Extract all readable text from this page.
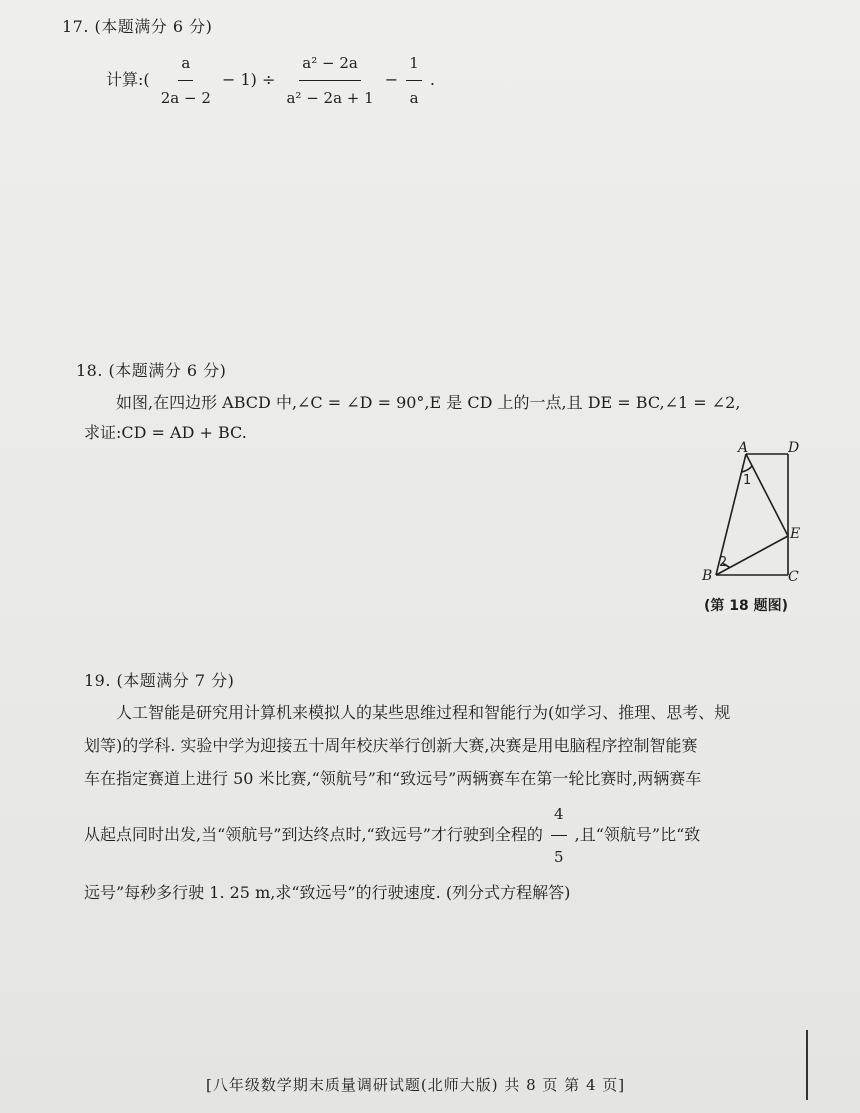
17. (本题满分 6 分)
计算:( $\frac{a}{2a - 2} - 1) \div \frac{\text{a² − 2a}}{\text{a² − 2a + 1}} - \frac{1}{a}$ .
18. (本题满分 6 分)
如图,在四边形 ABCD 中,∠C = ∠D = 90°,E 是 CD 上的一点,且 DE = BC,∠1 = ∠2,
求证:CD = AD + BC.
A	D
E
B	C
1
2
(第 18 题图)
19. (本题满分 7 分)
人工智能是研究用计算机来模拟人的某些思维过程和智能行为(如学习、推理、思考、规
划等)的学科. 实验中学为迎接五十周年校庆举行创新大赛,决赛是用电脑程序控制智能赛
车在指定赛道上进行 50 米比赛,“领航号”和“致远号”两辆赛车在第一轮比赛时,两辆赛车
从起点同时出发,当“领航号”到达终点时,“致远号”才行驶到全程的 $\frac{4}{5}$ ,且“领航号”比“致
远号”每秒多行驶 1. 25 m,求“致远号”的行驶速度. (列分式方程解答)
[八年级数学期末质量调研试题(北师大版) 共 8 页 第 4 页]
